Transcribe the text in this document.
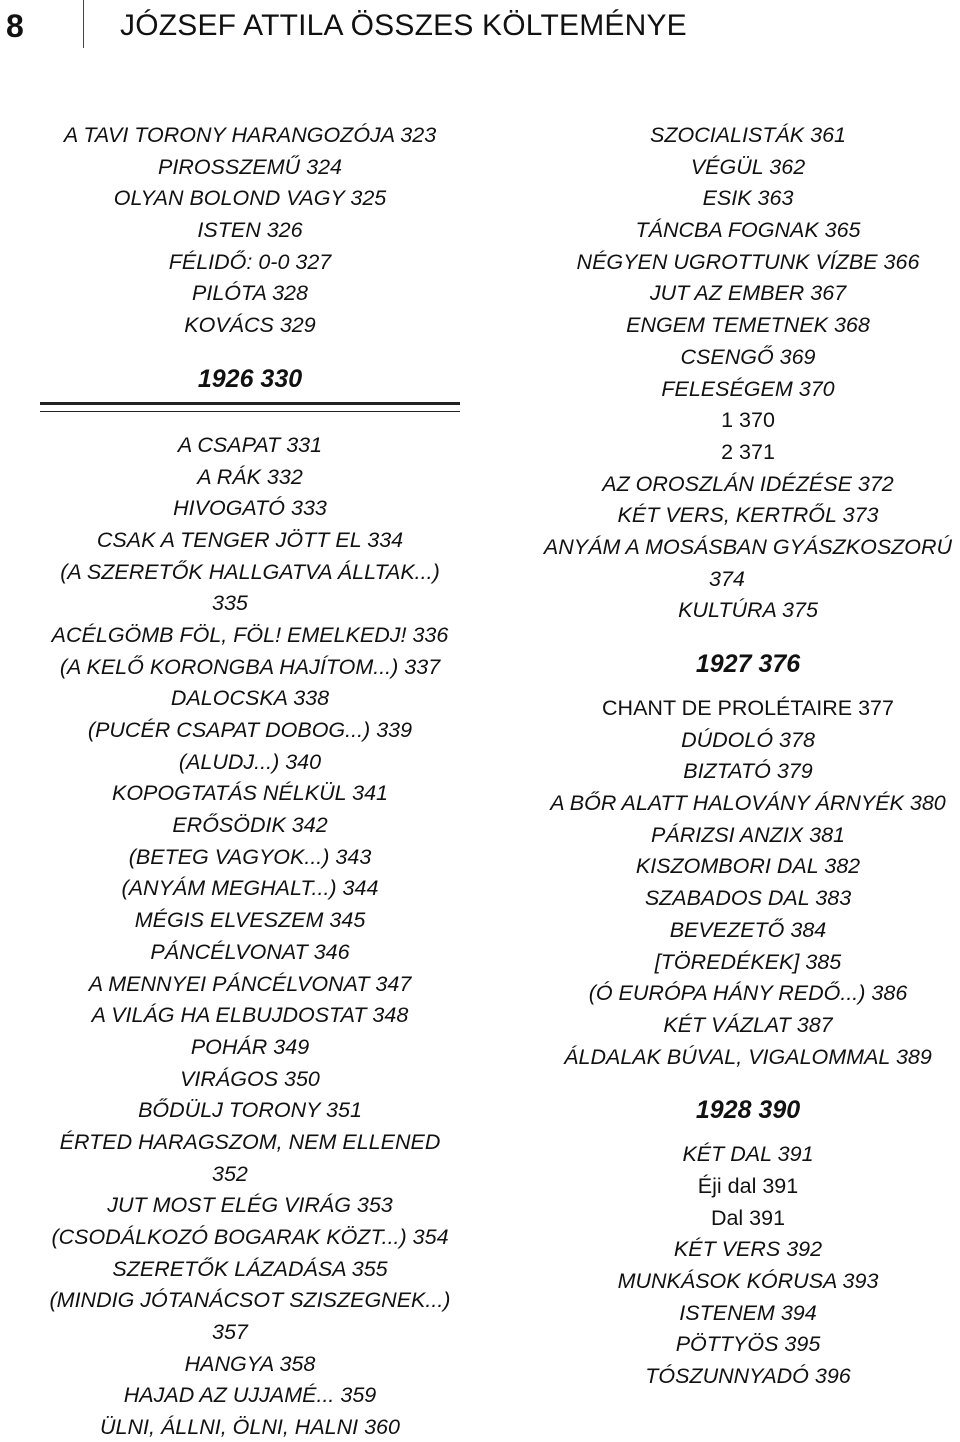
8	JÓZSEF ATTILA ÖSSZES KÖLTEMÉNYE
A TAVI TORONY HARANGOZÓJA 323
PIROSSZEMŰ 324
OLYAN BOLOND VAGY 325
ISTEN 326
FÉLIDŐ: 0-0 327
PILÓTA 328
KOVÁCS 329
1926 330
A CSAPAT 331
A RÁK 332
HIVOGATÓ 333
CSAK A TENGER JÖTT EL 334
(A SZERETŐK HALLGATVA ÁLLTAK...)
335
ACÉLGÖMB FÖL, FÖL! EMELKEDJ! 336
(A KELŐ KORONGBA HAJÍTOM...) 337
DALOCSKA 338
(PUCÉR CSAPAT DOBOG...) 339
(ALUDJ...) 340
KOPOGTATÁS NÉLKÜL 341
ERŐSÖDIK 342
(BETEG VAGYOK...) 343
(ANYÁM MEGHALT...) 344
MÉGIS ELVESZEM 345
PÁNCÉLVONAT 346
A MENNYEI PÁNCÉLVONAT 347
A VILÁG HA ELBUJDOSTAT 348
POHÁR 349
VIRÁGOS 350
BŐDÜLJ TORONY 351
ÉRTED HARAGSZOM, NEM ELLENED
352
JUT MOST ELÉG VIRÁG 353
(CSODÁLKOZÓ BOGARAK KÖZT...) 354
SZERETŐK LÁZADÁSA 355
(MINDIG JÓTANÁCSOT SZISZEGNEK...)
357
HANGYA 358
HAJAD AZ UJJAMÉ... 359
ÜLNI, ÁLLNI, ÖLNI, HALNI 360
SZOCIALISTÁK 361
VÉGÜL 362
ESIK 363
TÁNCBA FOGNAK 365
NÉGYEN UGROTTUNK VÍZBE 366
JUT AZ EMBER 367
ENGEM TEMETNEK 368
CSENGŐ 369
FELESÉGEM 370
1 370
2 371
AZ OROSZLÁN IDÉZÉSE 372
KÉT VERS, KERTRŐL 373
ANYÁM A MOSÁSBAN GYÁSZKOSZORÚ
374
KULTÚRA 375
1927 376
CHANT DE PROLÉTAIRE 377
DÚDOLÓ 378
BIZTATÓ 379
A BŐR ALATT HALOVÁNY ÁRNYÉK 380
PÁRIZSI ANZIX 381
KISZOMBORI DAL 382
SZABADOS DAL 383
BEVEZETŐ 384
[TÖREDÉKEK] 385
(Ó EURÓPA HÁNY REDŐ...) 386
KÉT VÁZLAT 387
ÁLDALAK BÚVAL, VIGALOMMAL 389
1928 390
KÉT DAL 391
Éji dal 391
Dal 391
KÉT VERS 392
MUNKÁSOK KÓRUSA 393
ISTENEM 394
PÖTTYÖS 395
TÓSZUNNYADÓ 396
